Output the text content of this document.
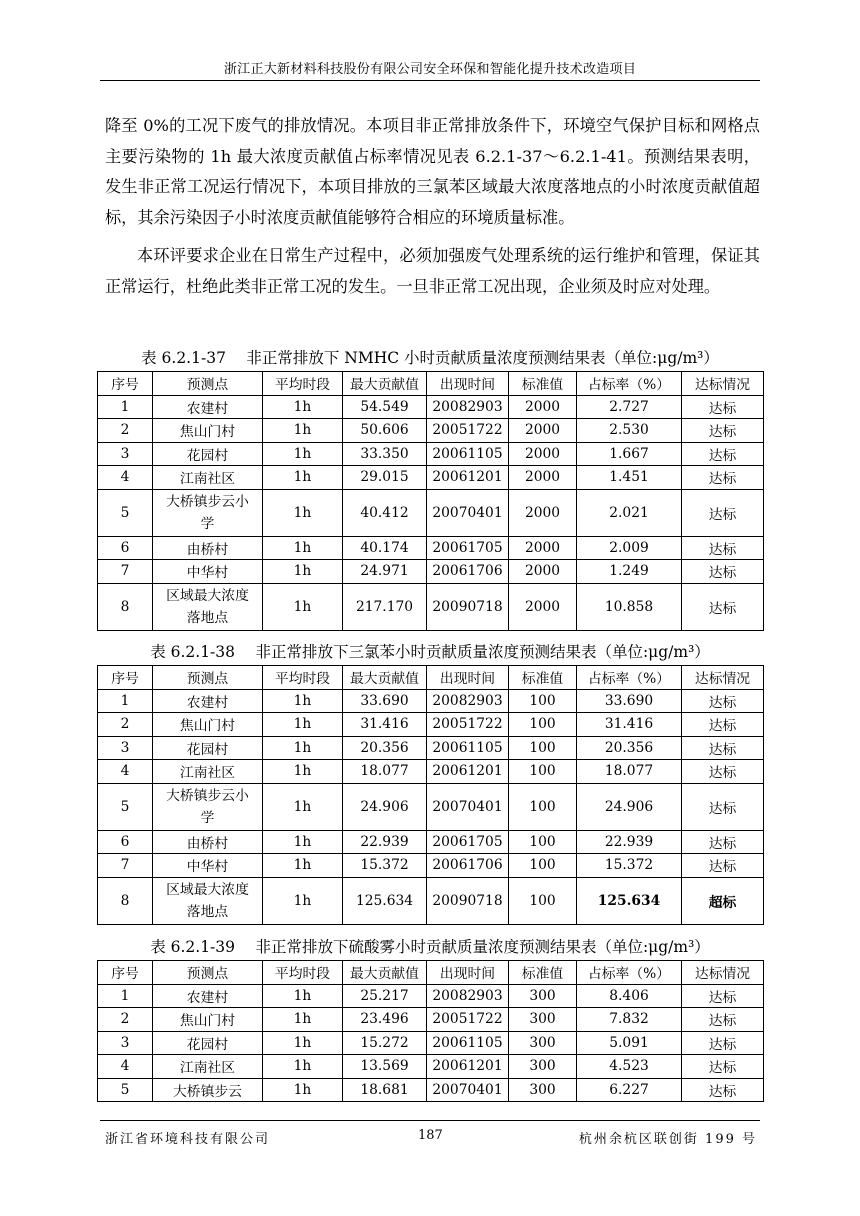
浙江正大新材料科技股份有限公司安全环保和智能化提升技术改造项目

降至 0%的工况下废气的排放情况。本项目非正常排放条件下，环境空气保护目标和网格点主要污染物的 1h 最大浓度贡献值占标率情况见表 6.2.1-37～6.2.1-41。预测结果表明，发生非正常工况运行情况下，本项目排放的三氯苯区域最大浓度落地点的小时浓度贡献值超标，其余污染因子小时浓度贡献值能够符合相应的环境质量标准。

本环评要求企业在日常生产过程中，必须加强废气处理系统的运行维护和管理，保证其正常运行，杜绝此类非正常工况的发生。一旦非正常工况出现，企业须及时应对处理。

表 6.2.1-37　 非正常排放下 NMHC 小时贡献质量浓度预测结果表（单位:μg/m³）
序号	预测点	平均时段	最大贡献值	出现时间	标准值	占标率（%）	达标情况
1	农建村	1h	54.549	20082903	2000	2.727	达标
2	焦山门村	1h	50.606	20051722	2000	2.530	达标
3	花园村	1h	33.350	20061105	2000	1.667	达标
4	江南社区	1h	29.015	20061201	2000	1.451	达标
5	大桥镇步云小学	1h	40.412	20070401	2000	2.021	达标
6	由桥村	1h	40.174	20061705	2000	2.009	达标
7	中华村	1h	24.971	20061706	2000	1.249	达标
8	区域最大浓度落地点	1h	217.170	20090718	2000	10.858	达标
表 6.2.1-38　 非正常排放下三氯苯小时贡献质量浓度预测结果表（单位:μg/m³）
序号	预测点	平均时段	最大贡献值	出现时间	标准值	占标率（%）	达标情况
1	农建村	1h	33.690	20082903	100	33.690	达标
2	焦山门村	1h	31.416	20051722	100	31.416	达标
3	花园村	1h	20.356	20061105	100	20.356	达标
4	江南社区	1h	18.077	20061201	100	18.077	达标
5	大桥镇步云小学	1h	24.906	20070401	100	24.906	达标
6	由桥村	1h	22.939	20061705	100	22.939	达标
7	中华村	1h	15.372	20061706	100	15.372	达标
8	区域最大浓度落地点	1h	125.634	20090718	100	125.634	超标
表 6.2.1-39　 非正常排放下硫酸雾小时贡献质量浓度预测结果表（单位:μg/m³）
序号	预测点	平均时段	最大贡献值	出现时间	标准值	占标率（%）	达标情况
1	农建村	1h	25.217	20082903	300	8.406	达标
2	焦山门村	1h	23.496	20051722	300	7.832	达标
3	花园村	1h	15.272	20061105	300	5.091	达标
4	江南社区	1h	13.569	20061201	300	4.523	达标
5	大桥镇步云	1h	18.681	20070401	300	6.227	达标
浙江省环境科技有限公司	187	杭州余杭区联创街 199 号
